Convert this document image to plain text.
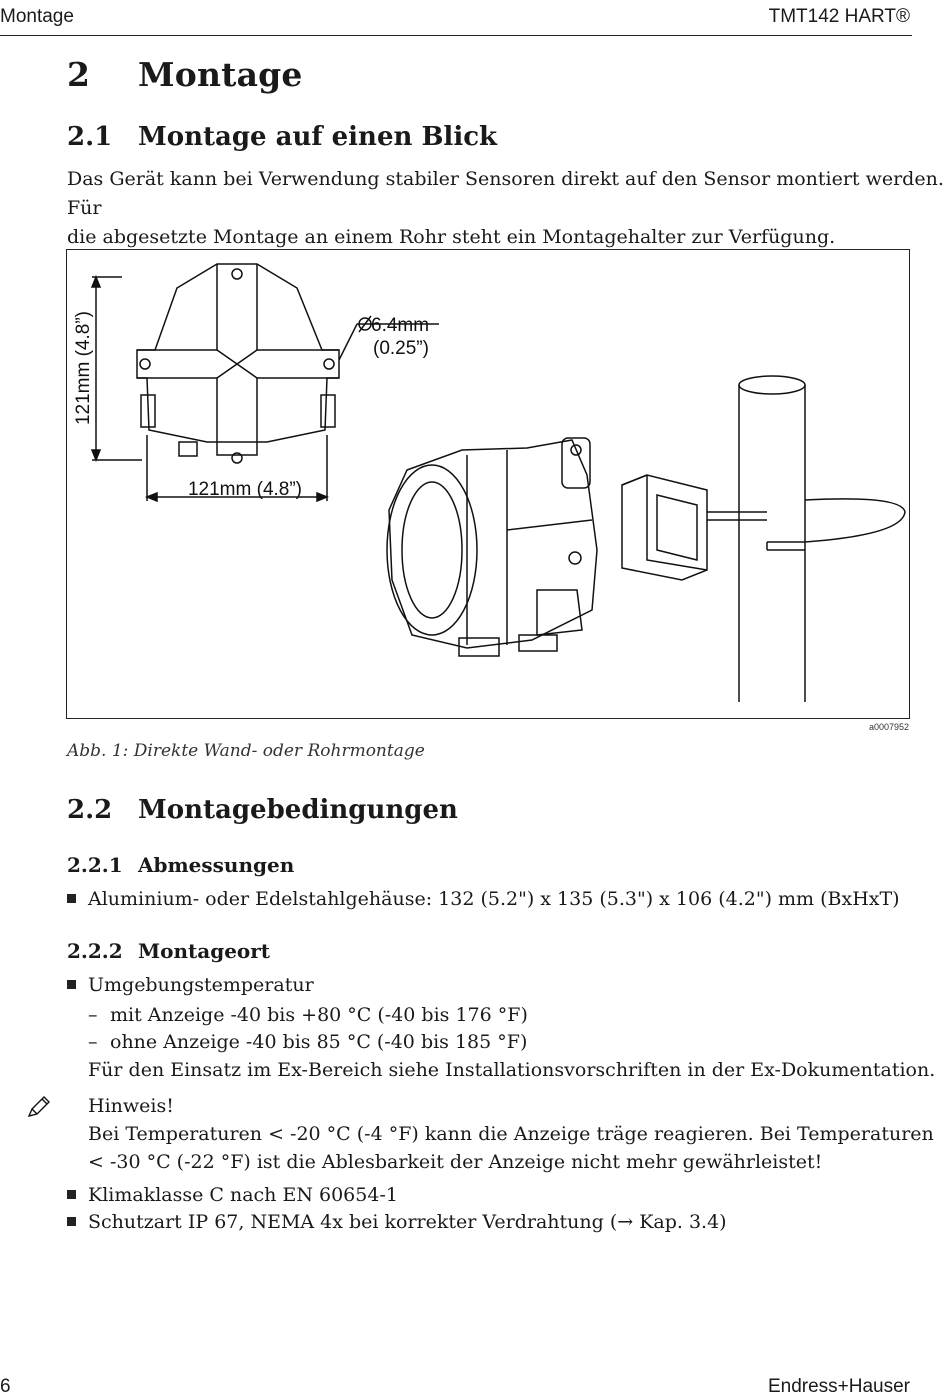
Montage	TMT142 HART®
2 Montage
2.1 Montage auf einen Blick
Das Gerät kann bei Verwendung stabiler Sensoren direkt auf den Sensor montiert werden. Für
die abgesetzte Montage an einem Rohr steht ein Montagehalter zur Verfügung.
121mm (4.8”)
121mm (4.8”)
6.4mm
(0.25”)
a0007952
Abb. 1: Direkte Wand- oder Rohrmontage
2.2 Montagebedingungen
2.2.1 Abmessungen
Aluminium- oder Edelstahlgehäuse: 132 (5.2") x 135 (5.3") x 106 (4.2") mm (BxHxT)
2.2.2 Montageort
Umgebungstemperatur
– mit Anzeige -40 bis +80 °C (-40 bis 176 °F)
– ohne Anzeige -40 bis 85 °C (-40 bis 185 °F)
Für den Einsatz im Ex-Bereich siehe Installationsvorschriften in der Ex-Dokumentation.
Hinweis!
Bei Temperaturen < -20 °C (-4 °F) kann die Anzeige träge reagieren. Bei Temperaturen
< -30 °C (-22 °F) ist die Ablesbarkeit der Anzeige nicht mehr gewährleistet!
Klimaklasse C nach EN 60654-1
Schutzart IP 67, NEMA 4x bei korrekter Verdrahtung (→ Kap. 3.4)
6	Endress+Hauser
